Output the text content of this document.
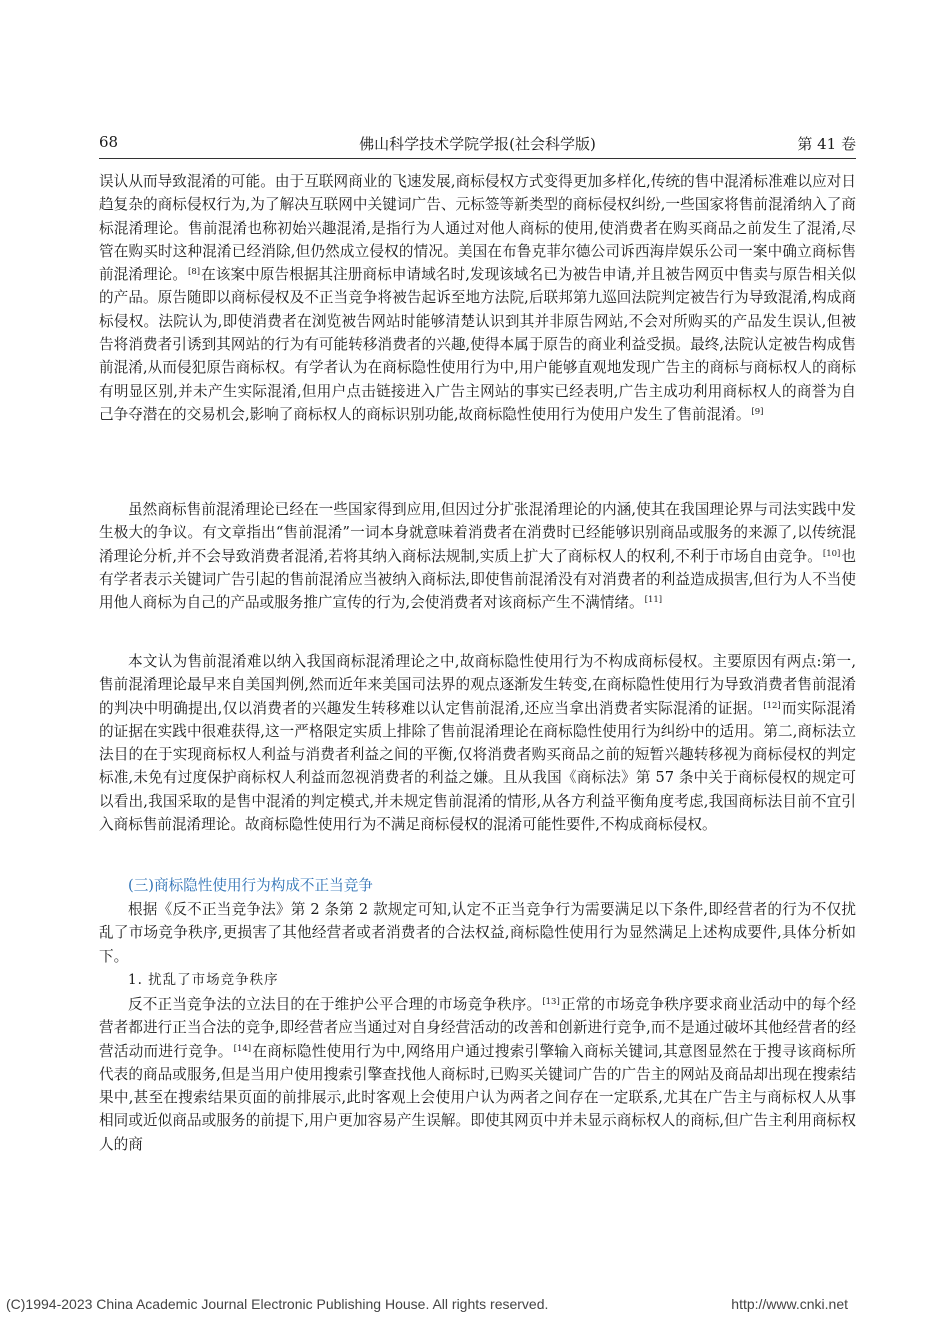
68	佛山科学技术学院学报(社会科学版)	第 41 卷

误认从而导致混淆的可能。由于互联网商业的飞速发展,商标侵权方式变得更加多样化,传统的售中混淆标准难以应对日趋复杂的商标侵权行为,为了解决互联网中关键词广告、元标签等新类型的商标侵权纠纷,一些国家将售前混淆纳入了商标混淆理论。售前混淆也称初始兴趣混淆,是指行为人通过对他人商标的使用,使消费者在购买商品之前发生了混淆,尽管在购买时这种混淆已经消除,但仍然成立侵权的情况。美国在布鲁克菲尔德公司诉西海岸娱乐公司一案中确立商标售前混淆理论。[8]在该案中原告根据其注册商标申请域名时,发现该域名已为被告申请,并且被告网页中售卖与原告相关似的产品。原告随即以商标侵权及不正当竞争将被告起诉至地方法院,后联邦第九巡回法院判定被告行为导致混淆,构成商标侵权。法院认为,即使消费者在浏览被告网站时能够清楚认识到其并非原告网站,不会对所购买的产品发生误认,但被告将消费者引诱到其网站的行为有可能转移消费者的兴趣,使得本属于原告的商业利益受损。最终,法院认定被告构成售前混淆,从而侵犯原告商标权。有学者认为在商标隐性使用行为中,用户能够直观地发现广告主的商标与商标权人的商标有明显区别,并未产生实际混淆,但用户点击链接进入广告主网站的事实已经表明,广告主成功利用商标权人的商誉为自己争夺潜在的交易机会,影响了商标权人的商标识别功能,故商标隐性使用行为使用户发生了售前混淆。[9]

虽然商标售前混淆理论已经在一些国家得到应用,但因过分扩张混淆理论的内涵,使其在我国理论界与司法实践中发生极大的争议。有文章指出“售前混淆”一词本身就意味着消费者在消费时已经能够识别商品或服务的来源了,以传统混淆理论分析,并不会导致消费者混淆,若将其纳入商标法规制,实质上扩大了商标权人的权利,不利于市场自由竞争。[10]也有学者表示关键词广告引起的售前混淆应当被纳入商标法,即使售前混淆没有对消费者的利益造成损害,但行为人不当使用他人商标为自己的产品或服务推广宣传的行为,会使消费者对该商标产生不满情绪。[11]

本文认为售前混淆难以纳入我国商标混淆理论之中,故商标隐性使用行为不构成商标侵权。主要原因有两点:第一,售前混淆理论最早来自美国判例,然而近年来美国司法界的观点逐渐发生转变,在商标隐性使用行为导致消费者售前混淆的判决中明确提出,仅以消费者的兴趣发生转移难以认定售前混淆,还应当拿出消费者实际混淆的证据。[12]而实际混淆的证据在实践中很难获得,这一严格限定实质上排除了售前混淆理论在商标隐性使用行为纠纷中的适用。第二,商标法立法目的在于实现商标权人利益与消费者利益之间的平衡,仅将消费者购买商品之前的短暂兴趣转移视为商标侵权的判定标准,未免有过度保护商标权人利益而忽视消费者的利益之嫌。且从我国《商标法》第 57 条中关于商标侵权的规定可以看出,我国采取的是售中混淆的判定模式,并未规定售前混淆的情形,从各方利益平衡角度考虑,我国商标法目前不宜引入商标售前混淆理论。故商标隐性使用行为不满足商标侵权的混淆可能性要件,不构成商标侵权。

(三)商标隐性使用行为构成不正当竞争

根据《反不正当竞争法》第 2 条第 2 款规定可知,认定不正当竞争行为需要满足以下条件,即经营者的行为不仅扰乱了市场竞争秩序,更损害了其他经营者或者消费者的合法权益,商标隐性使用行为显然满足上述构成要件,具体分析如下。

1. 扰乱了市场竞争秩序

反不正当竞争法的立法目的在于维护公平合理的市场竞争秩序。[13]正常的市场竞争秩序要求商业活动中的每个经营者都进行正当合法的竞争,即经营者应当通过对自身经营活动的改善和创新进行竞争,而不是通过破坏其他经营者的经营活动而进行竞争。[14]在商标隐性使用行为中,网络用户通过搜索引擎输入商标关键词,其意图显然在于搜寻该商标所代表的商品或服务,但是当用户使用搜索引擎查找他人商标时,已购买关键词广告的广告主的网站及商品却出现在搜索结果中,甚至在搜索结果页面的前排展示,此时客观上会使用户认为两者之间存在一定联系,尤其在广告主与商标权人从事相同或近似商品或服务的前提下,用户更加容易产生误解。即使其网页中并未显示商标权人的商标,但广告主利用商标权人的商

(C)1994-2023 China Academic Journal Electronic Publishing House. All rights reserved.	http://www.cnki.net
